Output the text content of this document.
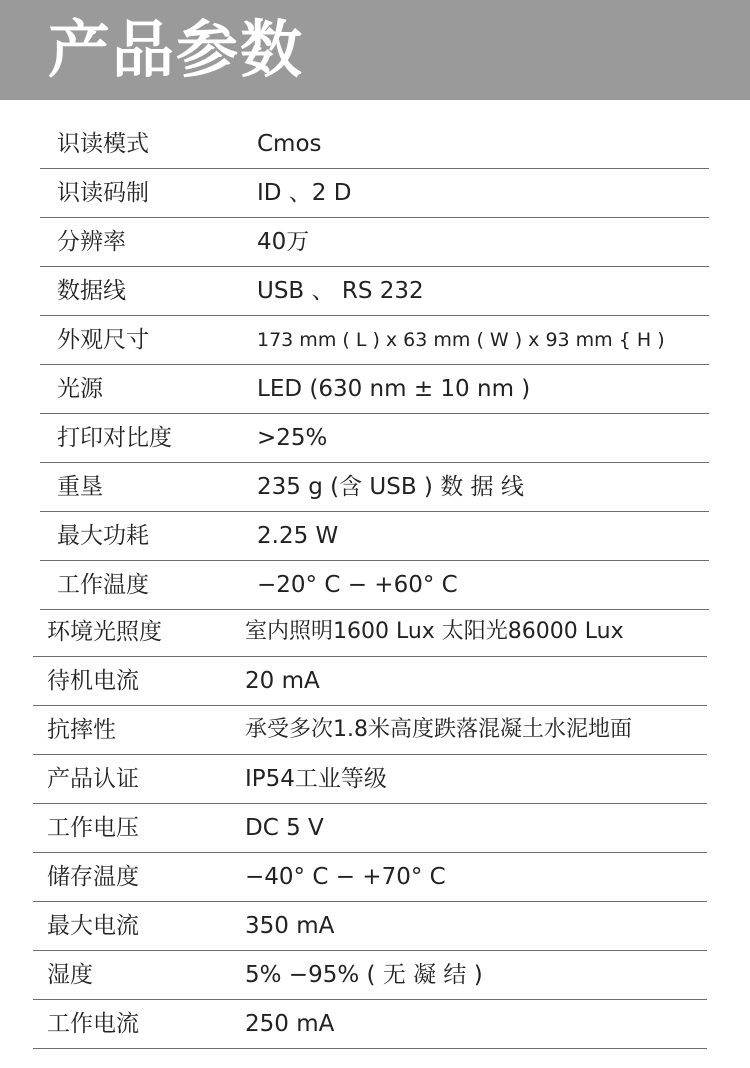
产品参数
识读模式	Cmos
识读码制	ID 、2 D
分辨率	40万
数据线	USB 、 RS 232
外观尺寸	173 mm ( L ) x 63 mm ( W ) x 93 mm { H )
光源	LED (630 nm ± 10 nm )
打印对比度	>25%
重垦	235 g (含 USB ) 数 据 线
最大功耗	2.25 W
工作温度	−20° C − +60° C
环境光照度	室内照明1600 Lux 太阳光86000 Lux
待机电流	20 mA
抗摔性	承受多次1.8米高度跌落混凝土水泥地面
产品认证	IP54工业等级
工作电压	DC 5 V
储存温度	−40° C − +70° C
最大电流	350 mA
湿度	5% −95% ( 无 凝 结 )
工作电流	250 mA
